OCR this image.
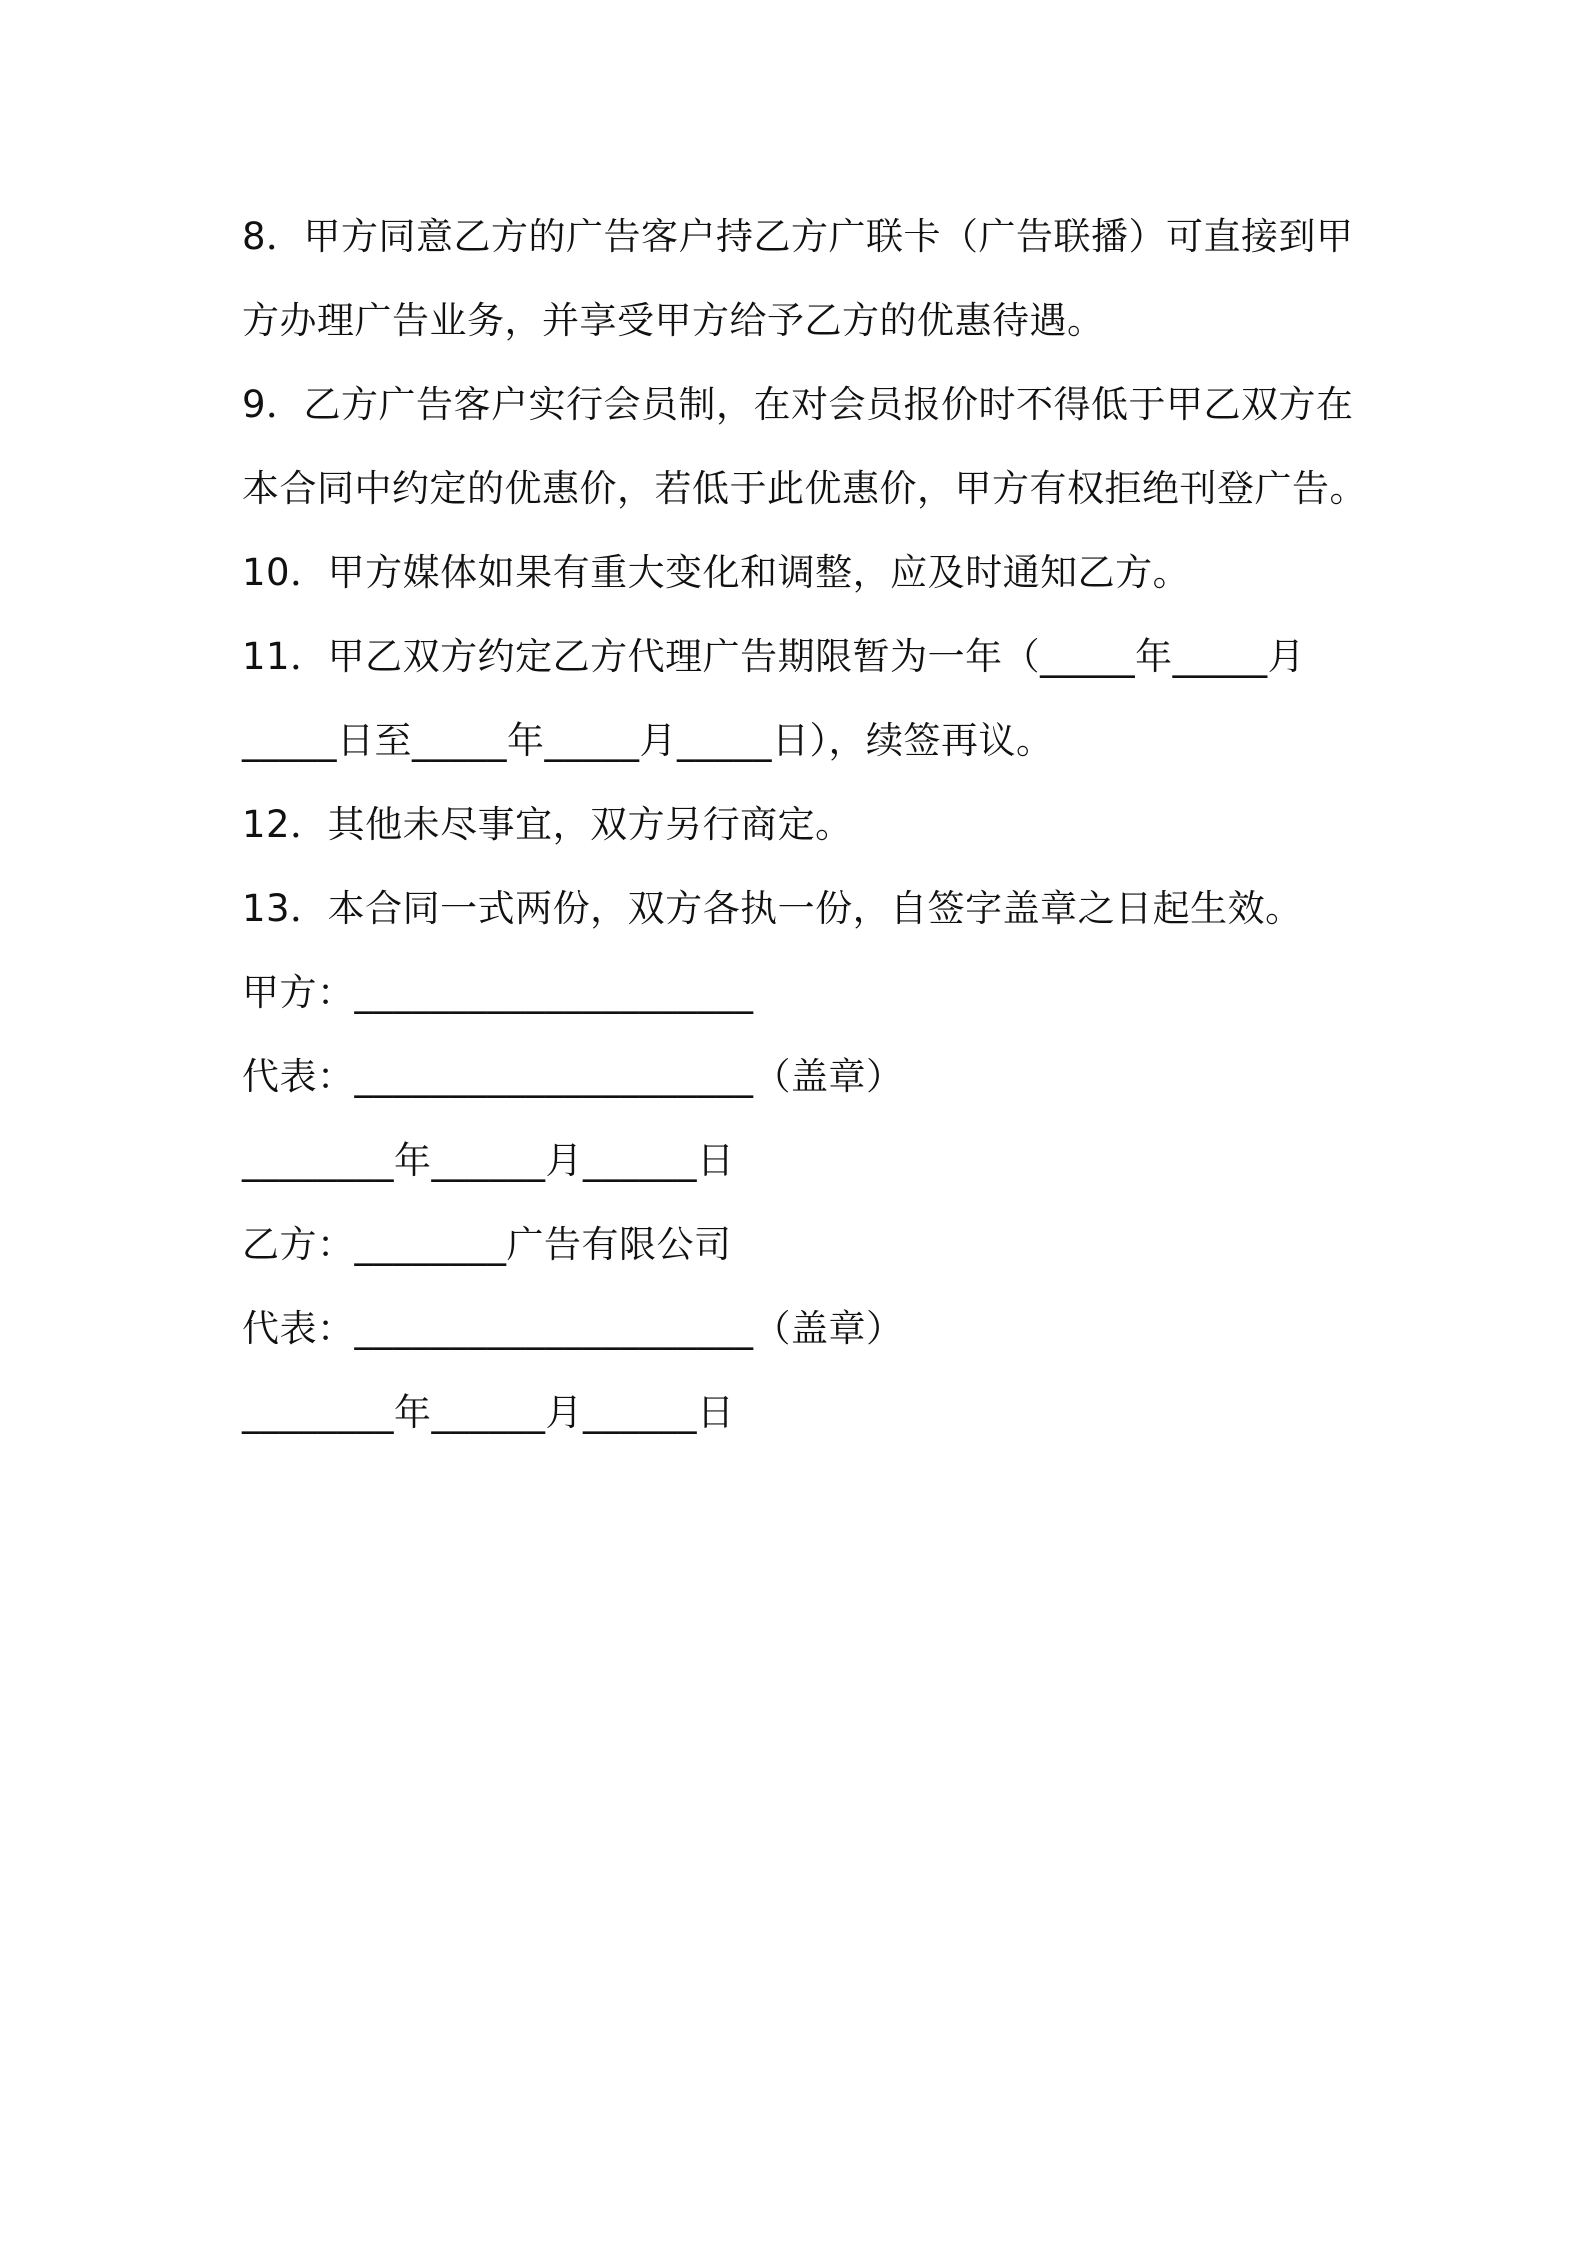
8．甲方同意乙方的广告客户持乙方广联卡（广告联播）可直接到甲
方办理广告业务，并享受甲方给予乙方的优惠待遇。
9．乙方广告客户实行会员制，在对会员报价时不得低于甲乙双方在
本合同中约定的优惠价，若低于此优惠价，甲方有权拒绝刊登广告。
10．甲方媒体如果有重大变化和调整，应及时通知乙方。
11．甲乙双方约定乙方代理广告期限暂为一年（_____年_____月
_____日至_____年_____月_____日），续签再议。
12．其他未尽事宜，双方另行商定。
13．本合同一式两份，双方各执一份，自签字盖章之日起生效。
甲方：_____________________
代表：_____________________（盖章）
________年______月______日
乙方：________广告有限公司
代表：_____________________（盖章）
________年______月______日
